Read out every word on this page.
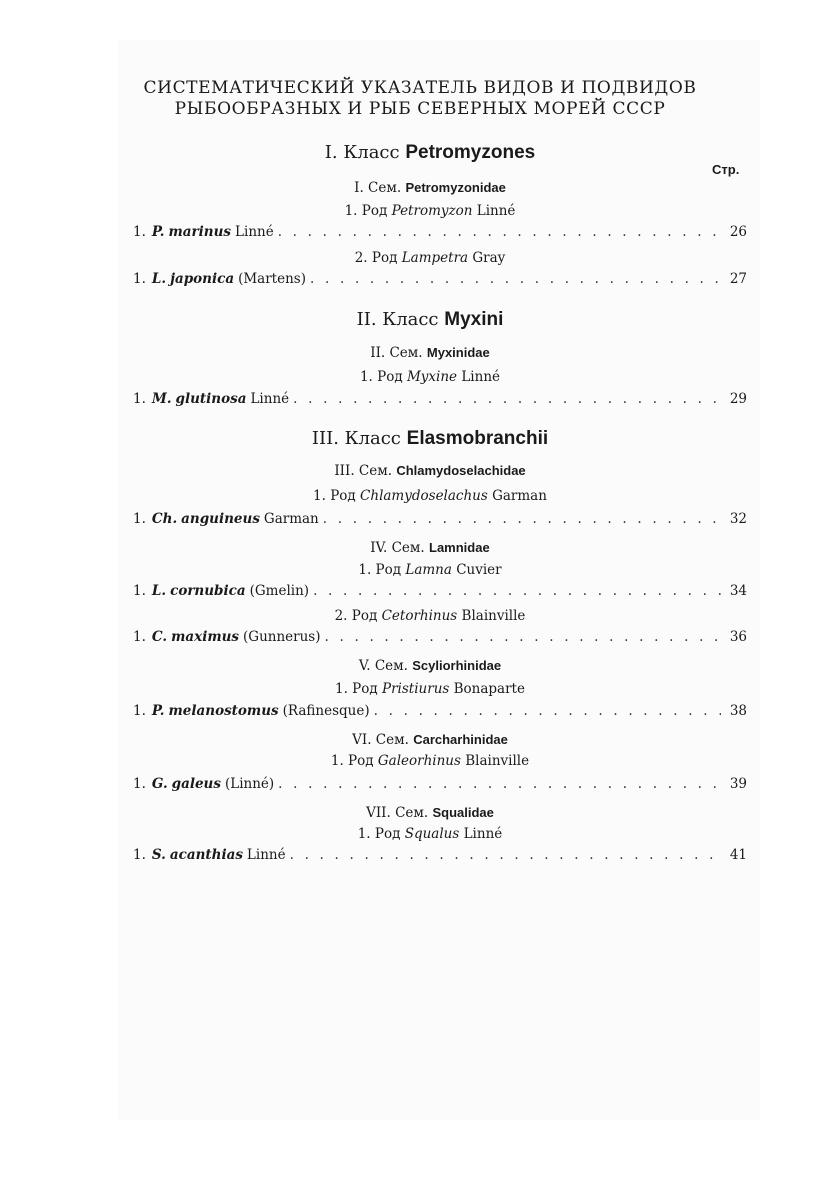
СИСТЕМАТИЧЕСКИЙ УКАЗАТЕЛЬ ВИДОВ И ПОДВИДОВ
РЫБООБРАЗНЫХ И РЫБ СЕВЕРНЫХ МОРЕЙ СССР
Стр.
I. Класс Petromyzones
I. Сем. Petromyzonidae
1. Род Petromyzon Linné
1. P. marinus Linné . . .	26
2. Род Lampetra Gray
1. L. japonica (Martens) . . .	27
II. Класс Myxini
II. Сем. Myxinidae
1. Род Myxine Linné
1. M. glutinosa Linné . . .	29
III. Класс Elasmobranchii
III. Сем. Chlamydoselachidae
1. Род Chlamydoselachus Garman
1. Ch. anguineus Garman . . .	32
IV. Сем. Lamnidae
1. Род Lamna Cuvier
1. L. cornubica (Gmelin) . . .	34
2. Род Cetorhinus Blainville
1. C. maximus (Gunnerus) . . .	36
V. Сем. Scyliorhinidae
1. Род Pristiurus Bonaparte
1. P. melanostomus (Rafinesque) . . .	38
VI. Сем. Carcharhinidae
1. Род Galeorhinus Blainville
1. G. galeus (Linné) . . .	39
VII. Сем. Squalidae
1. Род Squalus Linné
1. S. acanthias Linné . . .	41
